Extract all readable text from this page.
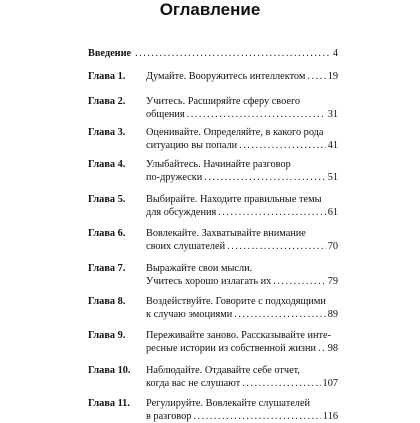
Оглавление
Введение .....	4
Глава 1.	Думайте. Вооружитесь интеллектом ..... 19
Глава 2.	Учитесь. Расширяйте сферу своего
общения .....	31
Глава 3.	Оценивайте. Определяйте, в какого рода
ситуацию вы попали .....	41
Глава 4.	Улыбайтесь. Начинайте разговор
по-дружески .....	51
Глава 5.	Выбирайте. Находите правильные темы
для обсуждения .....	61
Глава 6.	Вовлекайте. Захватывайте внимание
своих слушателей .....	70
Глава 7.	Выражайте свои мысли.
Учитесь хорошо излагать их .....	79
Глава 8.	Воздействуйте. Говорите с подходящими
к случаю эмоциями .....	89
Глава 9.	Переживайте заново. Рассказывайте инте-
ресные истории из собственной жизни ..... 98
Глава 10.	Наблюдайте. Отдавайте себе отчет,
когда вас не слушают .....	107
Глава 11.	Регулируйте. Вовлекайте слушателей
в разговор .....	116
